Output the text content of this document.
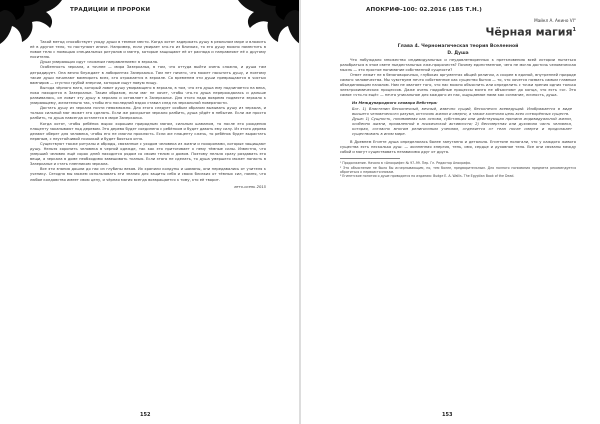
ТРАДИЦИИ И ПРОРОКИ

Такой метод способствует уходу души в темное место. Когда хотят задержать душу в реальном мире и вложить её в другое тело, то поступают иначе. Например, если умирает кто-то из близких, то его душу можно поместить в новое тело с помощью специальных ритуалов и мантр, которые защищают её от распада и направляют её к другому носителю.

Души умирающих идут «ложным направлением» в зеркала.

Особенность зеркала, а точнее — мира Зазеркалья, в том, что оттуда выйти очень сложно, и душа там деградирует. Она вечно блуждает в лабиринтах Зазеркалья. Там нет ничего, что может насытить душу, и поэтому такие души начинают вампирить всех, кто отражается в зеркале. Со временем эти души превращаются в чистых вампиров — сгустки грубой энергии, которые ищут новую пищу.

Выгода чёрного мага, который ловит душу умирающего в зеркало, в том, что эта душа ему подчиняется на века, пока находится в Зазеркалье. Таким образом, если маг не хочет, чтобы что-то душа перерождалась и дальше развивалась, он ловит эту душу в зеркало и оставляет в Зазеркалье. Для этого надо вовремя подвести зеркало к умирающему, желательно так, чтобы его последний вздох ставил след на зеркальной поверхности.

Достать душу из зеркала почти невозможно. Для этого следует особым образом вызывать душу из зеркала, и только сильный маг может это сделать. Если же раскрытое зеркало разбить, душа уйдёт в небытие. Если же просто разбить, то душа навсегда останется в мире Зазеркалья.

Когда хотят, чтобы ребёнок вырос хорошим природным магом, сильным шаманом, то после его рождения плаценту закапывают под деревом. Это дерево будет соединено с ребёнком и будет давать ему силу. Из этого дерева делают оберег для человека, чтобы его не смогли проклясть. Если же плаценту сжечь, то ребёнок будет вырастать нервным, с неустойчивой психикой и будет бояться огня.

Существуют также ритуалы и обряды, связанные с уходом человека из жизни и похоронами, которые защищают душу. Нельзя хоронить человека в черной одежде, так как это притягивает к нему тёмные силы. Известно, что умерший человек ещё сорок дней находится рядом со своим телом и домом. Поэтому нельзя сразу раздавать его вещи, а зеркала в доме необходимо завешивать тканью. Если этого не сделать, то душа умершего может попасть в Зазеркалье и стать пленником зеркала.

Все эти знания дошли до нас из глубины веков. Их хранили колдуны и шаманы, они передавались от учителя к ученику. Сегодня мы можем использовать эти знания для защиты себя и своих близких от тёмных сил, помня, что любое колдовство имеет свою цену, и чёрная магия всегда возвращается к тому, кто её творит.

лето-осень 2015

152
АПОКРИФ-100: 02.2016 (185 Т.Н.)
Майкл А. Акино VI°
Чёрная магия$^1$
Глава 4. Черномагическая теория Вселенной
D. Душа

Что побуждало множество индивидуальных и неудовлетворенных к преткновению всей истории пытаться разобраться в этом свете пьедестальных лже-пророчеств? Почему единственное, чего не могла достичь человеческая мысль — это простое понимание собственной сущности?

Ответ лежит не в безоговорочных, глубоких аргументах общей религии, а скорее в единой, внутренней природе самого человечества. Мы чувствуем нечто собственное как существо бытия — то, что хочется назвать самым главным объединяющим началом. Нам не хватает того, что нас можно объяснить или определить с точки зрения одних только электрохимических процессов. Даже очень подробные процессы мозга не объясняют до конца, что есть «я». Это самое «что-то ещё» — нечто уникальное для каждого из нас, ощущаемое нами как сознание, личность, душа.

Из Международного словаря Вебстера:

Бог. 1) Властелин бесконечный, вечный, извечно сущий, бесконечно всеведущий. Изображается в виде высшего человеческого разума, источник жизни и смерти, а также конечная цель всех сотворённых существ.

Душа: 1) Сущность, понимаемая как основа, субстанция или действующая причина индивидуальной жизни, особенно жизни, проявленной в психической активности; 2) бессмертная или духовная часть человека, которая, согласно многим религиозным учениям, отделяется от тела после смерти и продолжает существовать в ином мире.

В Древнем Египте душа определялась более запутанно и детально. Египтяне полагали, что у каждого живого существа есть несколько душ: — жизненная энергия, тень, имя, сердце и духовное тело. Все они связаны между собой и могут существовать независимо друг от друга.

¹ Продолжение. Начало в «Апокрифе» № 97–99. Пер. Гл. Редактор Апокрифа.

² Это объяснение не было бы исчерпывающим, но, тем более, предварительным. Для полного понимания предмета рекомендуется обратиться к первоисточникам.

³ Египетские понятия о душе приводятся по изданию: Budge E. A. Wallis. The Egyptian Book of the Dead.

153
